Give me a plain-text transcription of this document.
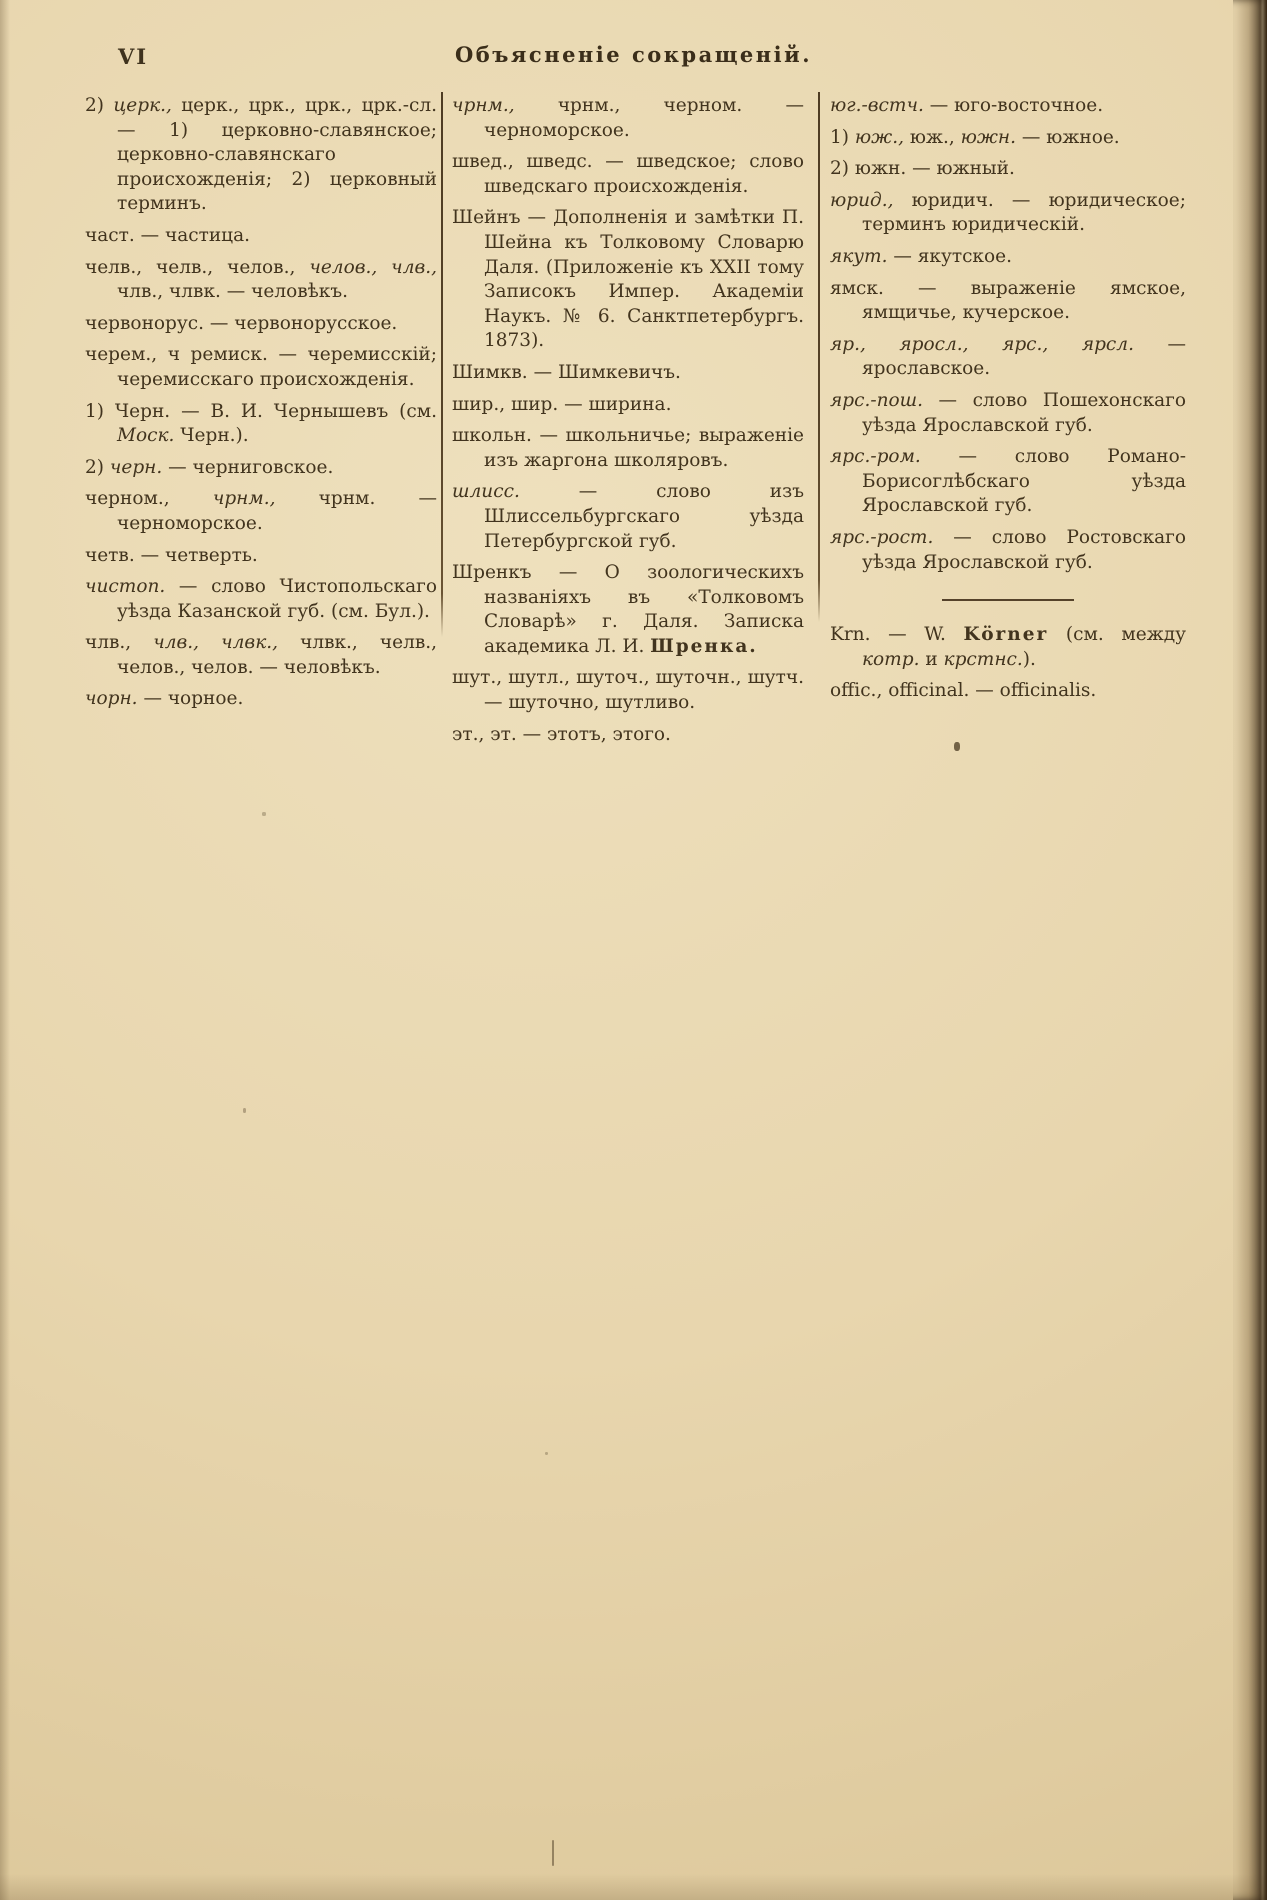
VI	Объясненіе сокращеній.

2) церк., церк., црк., црк., црк.-сл.— 1) церковно-славянское; церковно-славянскаго происхожденія; 2) церковный терминъ.

част. — частица.

челв., челв., челов., челов., члв., члв., члвк. — человѣкъ.

червонорус. — червонорусское.

черем., ч ремиск. — черемисскій; черемисскаго происхожденія.

1) Черн. — В. И. Чернышевъ (см. Моск. Черн.).

2) черн. — черниговское.

черном., чрнм., чрнм. — черноморское.

четв. — четверть.

чистоп. — слово Чистопольскаго уѣзда Казанской губ. (см. Бул.).

члв., члв., члвк., члвк., челв., челов., челов. — человѣкъ.

чорн. — чорное.

чрнм., чрнм., черном. — черноморское.

швед., шведс. — шведское; слово шведскаго происхожденія.

Шейнъ — Дополненія и замѣтки П. Шейна къ Толковому Словарю Даля. (Приложеніе къ XXII тому Записокъ Импер. Академіи Наукъ. № 6. Санктпетербургъ. 1873).

Шимкв. — Шимкевичъ.

шир., шир. — ширина.

школьн. — школьничье; выраженіе изъ жаргона школяровъ.

шлисс. — слово изъ Шлиссельбургскаго уѣзда Петербургской губ.

Шренкъ — О зоологическихъ названіяхъ въ «Толковомъ Словарѣ» г. Даля. Записка академика Л. И. Шренка.

шут., шутл., шуточ., шуточн., шутч.— шуточно, шутливо.

эт., эт. — этотъ, этого.

юг.-встч. — юго-восточное.

1) юж., юж., южн. — южное.

2) южн. — южный.

юрид., юридич. — юридическое; терминъ юридическій.

якут. — якутское.

ямск. — выраженіе ямское, ямщичье, кучерское.

яр., яросл., ярс., ярсл. — ярославское.

ярс.-пош. — слово Пошехонскаго уѣзда Ярославской губ.

ярс.-ром. — слово Романо-Борисоглѣбскаго уѣзда Ярославской губ.

ярс.-рост. — слово Ростовскаго уѣзда Ярославской губ.

Krn. — W. Körner (см. между котр. и крстнс.).

offic., officinal. — officinalis.
